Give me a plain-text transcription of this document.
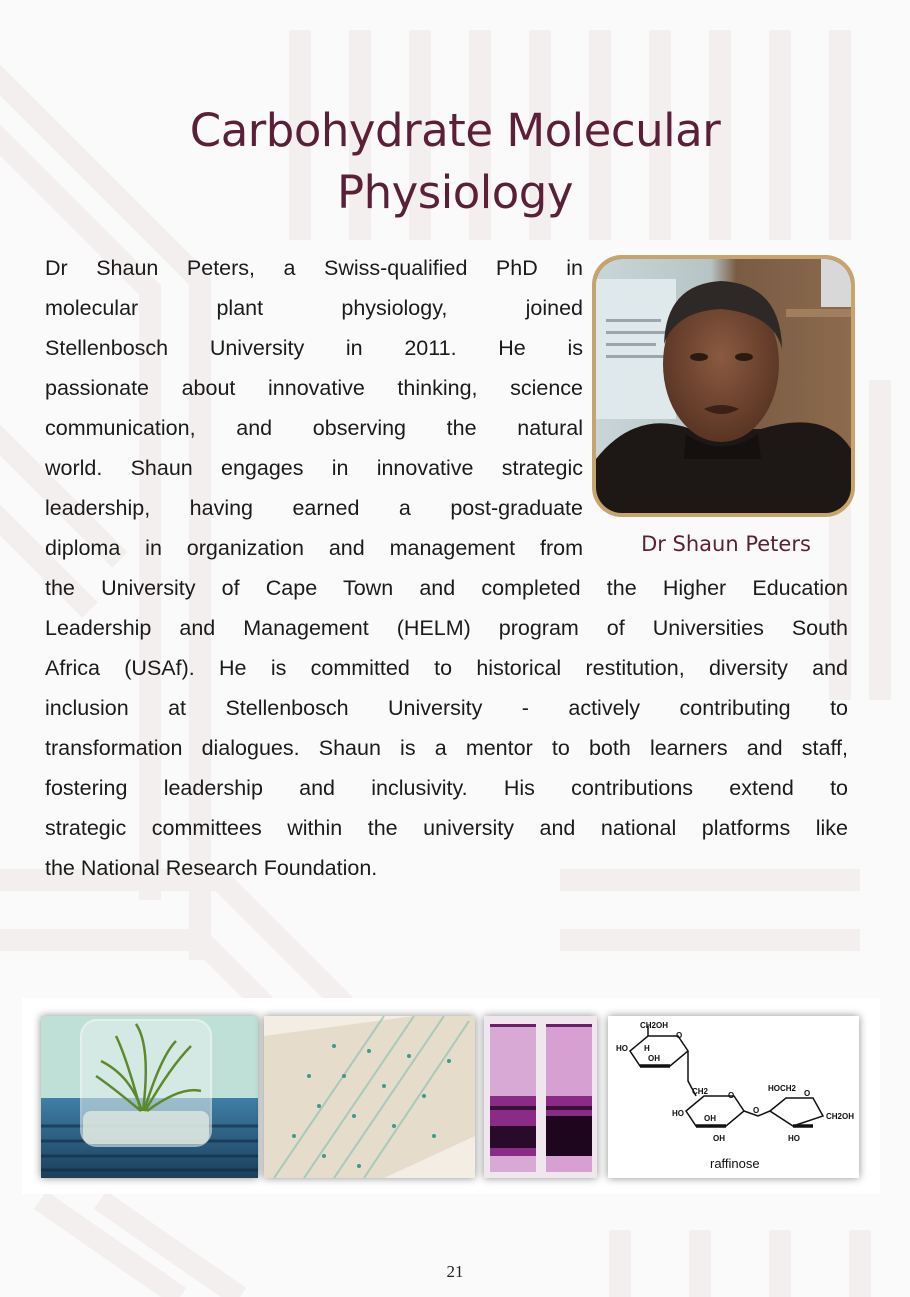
Carbohydrate Molecular
Physiology
Dr Shaun Peters, a Swiss-qualified PhD in
molecular plant physiology, joined
Stellenbosch University in 2011. He is
passionate about innovative thinking, science
communication, and observing the natural
world. Shaun engages in innovative strategic
leadership, having earned a post-graduate
diploma in organization and management from
the University of Cape Town and completed the Higher Education
Leadership and Management (HELM) program of Universities South
Africa (USAf). He is committed to historical restitution, diversity and
inclusion at Stellenbosch University - actively contributing to
transformation dialogues. Shaun is a mentor to both learners and staff,
fostering leadership and inclusivity. His contributions extend to
strategic committees within the university and national platforms like
the National Research Foundation.
Dr Shaun Peters
CH2OH
HO H
OH
O
CH2
HO
OH
O
O
HOCH2
O
CH2OH
HO
OH
raffinose
21
